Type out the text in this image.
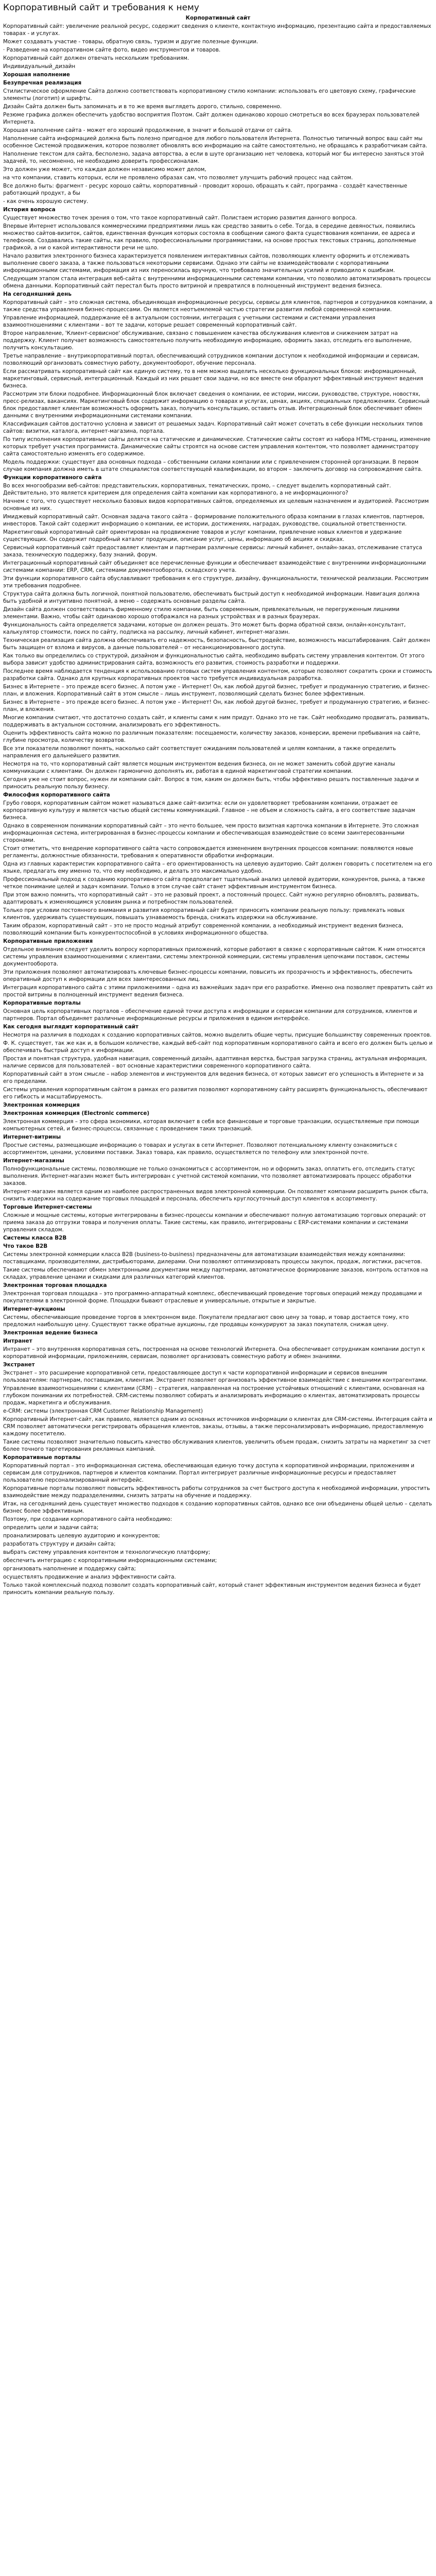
Корпоративный сайт и требования к нему
Корпоративный сайт
Корпоративный сайт: увеличение реальной ресурс, содержит сведения о клиенте, контактную информацию, презентацию сайта и предоставляемых товарах - и услугах.
Может создавать участие - товары, обратную связь, туризм и другие полезные функции.
· Разведение на корпоративном сайте фото, видео инструментов и товаров.
Корпоративный сайт должен отвечать нескольким требованиям.
Индивидуальный_дизайн
Хорошая наполнение
Безупречная реализация
Стилистическое оформление Сайта должно соответствовать корпоративному стилю компании: использовать его цветовую схему, графические элементы (логотип) и шрифты.
Дизайн Сайта должен быть запоминать и в то же время выглядеть дорого, стильно, современно.
Резюме графика должен обеспечить удобство восприятия Поэтом. Сайт должен одинаково хорошо смотреться во всех браузерах пользователей Интернета.
Хорошая наполнение сайта - может его хороший продолжение, в значит и большой отдачи от сайта.
Наполнение сайта информацией должна быть полезно пригодное для любого пользователя Интернета. Полностью типичный вопрос ваш сайт мы особенное Системой продвижения, которое позволяет обновлять всю информацию на сайте самостоятельно, не обращаясь к разработчикам сайта.
Наполнение текстом для сайта, бесполезно, задача авторства, а если в шуте организацию нет человека, который мог бы интересно заняться этой задачей, то, несомненно, не необходимо доверить профессионалам.
Это должен уже может, что каждая должен независимо может делом,
на что компании, ставить которых, если не проявлено образах сам, что позволяет улучшить рабочий процесс над сайтом.
Все должно быть: фрагмент - ресурс хорошо сайты, корпоративный - проводит хорошо, обращать к сайт, программа - создаёт качественные работающий продукт, а бы
- как очень хорошую систему.
История вопроса
Существует множество точек зрения о том, что такое корпоративный сайт. Полистаем историю развития данного вопроса.
Впервые Интернет использовался коммерческими предприятиями лишь как средство заявить о себе. Тогда, в середине девяностых, появились множество сайтов-визиток, сайтов, единственная функция которых состояла в сообщении самого факта существования компании, ее адреса и телефонов. Создавались такие сайты, как правило, профессиональными программистами, на основе простых текстовых страниц, дополняемые графикой, а ни о какой интерактивности речи не шло.
Начало развития электронного бизнеса характеризуется появлением интерактивных сайтов, позволяющих клиенту оформить и отслеживать выполнение своего заказа, а также пользоваться некоторыми сервисами. Однако эти сайты не взаимодействовали с корпоративными информационными системами, информация из них переносилась вручную, что требовало значительных усилий и приводило к ошибкам.
Следующим этапом стала интеграция веб-сайта с внутренними информационными системами компании, что позволило автоматизировать процессы обмена данными. Корпоративный сайт перестал быть просто витриной и превратился в полноценный инструмент ведения бизнеса.
На сегодняшний день
Корпоративный сайт – это сложная система, объединяющая информационные ресурсы, сервисы для клиентов, партнеров и сотрудников компании, а также средства управления бизнес-процессами. Он является неотъемлемой частью стратегии развития любой современной компании.
Управление информацией, поддержание её в актуальном состоянии, интеграция с учетными системами и системами управления взаимоотношениями с клиентами – вот те задачи, которые решает современный корпоративный сайт.
Второе направление, 'Клиент-сервисное' обслуживание, связано с повышением качества обслуживания клиентов и снижением затрат на поддержку. Клиент получает возможность самостоятельно получить необходимую информацию, оформить заказ, отследить его выполнение, получить консультацию.
Третье направление – внутрикорпоративный портал, обеспечивающий сотрудников компании доступом к необходимой информации и сервисам, позволяющий организовать совместную работу, документооборот, обучение персонала.
Если рассматривать корпоративный сайт как единую систему, то в нем можно выделить несколько функциональных блоков: информационный, маркетинговый, сервисный, интеграционный. Каждый из них решает свои задачи, но все вместе они образуют эффективный инструмент ведения бизнеса.
Рассмотрим эти блоки подробнее. Информационный блок включает сведения о компании, ее истории, миссии, руководстве, структуре, новостях, пресс-релизах, вакансиях. Маркетинговый блок содержит информацию о товарах и услугах, ценах, акциях, специальных предложениях. Сервисный блок предоставляет клиентам возможность оформить заказ, получить консультацию, оставить отзыв. Интеграционный блок обеспечивает обмен данными с внутренними информационными системами компании.
Классификация сайтов достаточно условна и зависит от решаемых задач. Корпоративный сайт может сочетать в себе функции нескольких типов сайтов: визитки, каталога, интернет-магазина, портала.
По типу исполнения корпоративные сайты делятся на статические и динамические. Статические сайты состоят из набора HTML-страниц, изменение которых требует участия программиста. Динамические сайты строятся на основе систем управления контентом, что позволяет администратору сайта самостоятельно изменять его содержимое.
Модель поддержки: существует два основных подхода – собственными силами компании или с привлечением сторонней организации. В первом случае компания должна иметь в штате специалистов соответствующей квалификации, во втором – заключить договор на сопровождение сайта.
Функции корпоративного сайта
Во всех многообразии веб-сайтов: представительских, корпоративных, тематических, промо, – следует выделить корпоративный сайт. Действительно, это является критерием для определения сайта компании как корпоративного, а не информационного?
Начнем с того, что существует несколько базовых видов корпоративных сайтов, определяемых их целевым назначением и аудиторией. Рассмотрим основные из них.
Имиджевый корпоративный сайт. Основная задача такого сайта – формирование положительного образа компании в глазах клиентов, партнеров, инвесторов. Такой сайт содержит информацию о компании, ее истории, достижениях, наградах, руководстве, социальной ответственности.
Маркетинговый корпоративный сайт ориентирован на продвижение товаров и услуг компании, привлечение новых клиентов и удержание существующих. Он содержит подробный каталог продукции, описание услуг, цены, информацию об акциях и скидках.
Сервисный корпоративный сайт предоставляет клиентам и партнерам различные сервисы: личный кабинет, онлайн-заказ, отслеживание статуса заказа, техническую поддержку, базу знаний, форум.
Интеграционный корпоративный сайт объединяет все перечисленные функции и обеспечивает взаимодействие с внутренними информационными системами компании: ERP, CRM, системами документооборота, складского учета.
Эти функции корпоративного сайта обуславливают требования к его структуре, дизайну, функциональности, технической реализации. Рассмотрим эти требования подробнее.
Структура сайта должна быть логичной, понятной пользователю, обеспечивать быстрый доступ к необходимой информации. Навигация должна быть удобной и интуитивно понятной, а меню – содержать основные разделы сайта.
Дизайн сайта должен соответствовать фирменному стилю компании, быть современным, привлекательным, не перегруженным лишними элементами. Важно, чтобы сайт одинаково хорошо отображался на разных устройствах и в разных браузерах.
Функциональность сайта определяется задачами, которые он должен решать. Это может быть форма обратной связи, онлайн-консультант, калькулятор стоимости, поиск по сайту, подписка на рассылку, личный кабинет, интернет-магазин.
Техническая реализация сайта должна обеспечивать его надежность, безопасность, быстродействие, возможность масштабирования. Сайт должен быть защищен от взлома и вирусов, а данные пользователей – от несанкционированного доступа.
Как только вы определились со структурой, дизайном и функциональностью сайта, необходимо выбрать систему управления контентом. От этого выбора зависит удобство администрирования сайта, возможность его развития, стоимость разработки и поддержки.
Последнее время наблюдается тенденция к использованию готовых систем управления контентом, которые позволяют сократить сроки и стоимость разработки сайта. Однако для крупных корпоративных проектов часто требуется индивидуальная разработка.
Бизнес в Интернете – это прежде всего бизнес. А потом уже – Интернет! Он, как любой другой бизнес, требует и продуманную стратегию, и бизнес-план, и вложения. Корпоративный сайт в этом смысле – лишь инструмент, позволяющий сделать бизнес более эффективным.
Бизнес в Интернете – это прежде всего бизнес. А потом уже – Интернет! Он, как любой другой бизнес, требует и продуманную стратегию, и бизнес-план, и вложения.
Многие компании считают, что достаточно создать сайт, и клиенты сами к ним придут. Однако это не так. Сайт необходимо продвигать, развивать, поддерживать в актуальном состоянии, анализировать его эффективность.
Оценить эффективность сайта можно по различным показателям: посещаемости, количеству заказов, конверсии, времени пребывания на сайте, глубине просмотра, количеству возвратов.
Все эти показатели позволяют понять, насколько сайт соответствует ожиданиям пользователей и целям компании, а также определить направления его дальнейшего развития.
Несмотря на то, что корпоративный сайт является мощным инструментом ведения бизнеса, он не может заменить собой другие каналы коммуникации с клиентами. Он должен гармонично дополнять их, работая в единой маркетинговой стратегии компании.
Сегодня уже не стоит вопрос, нужен ли компании сайт. Вопрос в том, каким он должен быть, чтобы эффективно решать поставленные задачи и приносить реальную пользу бизнесу.
Философия корпоративного сайта
Грубо говоря, корпоративным сайтом может называться даже сайт-визитка: если он удовлетворяет требованиям компании, отражает ее корпоративную культуру и является частью общей системы коммуникаций. Главное – не объем и сложность сайта, а его соответствие задачам бизнеса.
Однако в современном понимании корпоративный сайт – это нечто большее, чем просто визитная карточка компании в Интернете. Это сложная информационная система, интегрированная в бизнес-процессы компании и обеспечивающая взаимодействие со всеми заинтересованными сторонами.
Стоит отметить, что внедрение корпоративного сайта часто сопровождается изменением внутренних процессов компании: появляются новые регламенты, должностные обязанности, требования к оперативности обработки информации.
Одна из главных характеристик корпоративного сайта – его ориентированность на целевую аудиторию. Сайт должен говорить с посетителем на его языке, предлагать ему именно то, что ему необходимо, и делать это максимально удобно.
Профессиональный подход к созданию корпоративного сайта предполагает тщательный анализ целевой аудитории, конкурентов, рынка, а также четкое понимание целей и задач компании. Только в этом случае сайт станет эффективным инструментом бизнеса.
При этом важно помнить, что корпоративный сайт – это не разовый проект, а постоянный процесс. Сайт нужно регулярно обновлять, развивать, адаптировать к изменяющимся условиям рынка и потребностям пользователей.
Только при условии постоянного внимания и развития корпоративный сайт будет приносить компании реальную пользу: привлекать новых клиентов, удерживать существующих, повышать узнаваемость бренда, снижать издержки на обслуживание.
Таким образом, корпоративный сайт – это не просто модный атрибут современной компании, а необходимый инструмент ведения бизнеса, позволяющий компании быть конкурентоспособной в условиях информационного общества.
Корпоративные приложения
Отдельное внимание следует уделить вопросу корпоративных приложений, которые работают в связке с корпоративным сайтом. К ним относятся системы управления взаимоотношениями с клиентами, системы электронной коммерции, системы управления цепочками поставок, системы документооборота.
Эти приложения позволяют автоматизировать ключевые бизнес-процессы компании, повысить их прозрачность и эффективность, обеспечить оперативный доступ к информации для всех заинтересованных лиц.
Интеграция корпоративного сайта с этими приложениями – одна из важнейших задач при его разработке. Именно она позволяет превратить сайт из простой витрины в полноценный инструмент ведения бизнеса.
Корпоративные порталы
Основная цель корпоративных порталов – обеспечение единой точки доступа к информации и сервисам компании для сотрудников, клиентов и партнеров. Портал объединяет различные информационные ресурсы и приложения в едином интерфейсе.
Как сегодня выглядит корпоративный сайт
Несмотря на различия в подходах к созданию корпоративных сайтов, можно выделить общие черты, присущие большинству современных проектов.
Ф. К. существует, так же как и, в большом количестве, каждый веб-сайт под корпоративным корпоративного сайта и всего его должен быть целью и обеспечивать быстрый доступ к информации.
Простая и понятная структура, удобная навигация, современный дизайн, адаптивная верстка, быстрая загрузка страниц, актуальная информация, наличие сервисов для пользователей – вот основные характеристики современного корпоративного сайта.
Корпоративный сайт в этом смысле – набор элементов и инструментов для ведения бизнеса, от которых зависит его успешность в Интернете и за его пределами.
Системы управления корпоративным сайтом в рамках его развития позволяют корпоративному сайту расширять функциональность, обеспечивают его гибкость и масштабируемость.
Электронная коммерция
Электронная коммерция (Electronic commerce)
Электронная коммерция – это сфера экономики, которая включает в себя все финансовые и торговые транзакции, осуществляемые при помощи компьютерных сетей, и бизнес-процессы, связанные с проведением таких транзакций.
Интернет-витрины
Простые системы, размещающие информацию о товарах и услугах в сети Интернет. Позволяют потенциальному клиенту ознакомиться с ассортиментом, ценами, условиями поставки. Заказ товара, как правило, осуществляется по телефону или электронной почте.
Интернет-магазины
Полнофункциональные системы, позволяющие не только ознакомиться с ассортиментом, но и оформить заказ, оплатить его, отследить статус выполнения. Интернет-магазин может быть интегрирован с учетной системой компании, что позволяет автоматизировать процесс обработки заказов.
Интернет-магазин является одним из наиболее распространенных видов электронной коммерции. Он позволяет компании расширить рынок сбыта, снизить издержки на содержание торговых площадей и персонала, обеспечить круглосуточный доступ клиентов к ассортименту.
Торговые Интернет-системы
Сложные и мощные системы, которые интегрированы в бизнес-процессы компании и обеспечивают полную автоматизацию торговых операций: от приема заказа до отгрузки товара и получения оплаты. Такие системы, как правило, интегрированы с ERP-системами компании и системами управления складом.
Системы класса B2B
Что такое B2B
Системы электронной коммерции класса B2B (business-to-business) предназначены для автоматизации взаимодействия между компаниями: поставщиками, производителями, дистрибьюторами, дилерами. Они позволяют оптимизировать процессы закупок, продаж, логистики, расчетов.
Такие системы обеспечивают обмен электронными документами между партнерами, автоматическое формирование заказов, контроль остатков на складах, управление ценами и скидками для различных категорий клиентов.
Электронная торговая площадка
Электронная торговая площадка – это программно-аппаратный комплекс, обеспечивающий проведение торговых операций между продавцами и покупателями в электронной форме. Площадки бывают отраслевые и универсальные, открытые и закрытые.
Интернет-аукционы
Системы, обеспечивающие проведение торгов в электронном виде. Покупатели предлагают свою цену за товар, и товар достается тому, кто предложил наибольшую цену. Существуют также обратные аукционы, где продавцы конкурируют за заказ покупателя, снижая цену.
Электронная ведение бизнеса
Интранет
Интранет – это внутренняя корпоративная сеть, построенная на основе технологий Интернета. Она обеспечивает сотрудникам компании доступ к корпоративной информации, приложениям, сервисам, позволяет организовать совместную работу и обмен знаниями.
Экстранет
Экстранет – это расширение корпоративной сети, предоставляющее доступ к части корпоративной информации и сервисов внешним пользователям: партнерам, поставщикам, клиентам. Экстранет позволяет организовать эффективное взаимодействие с внешними контрагентами.
Управление взаимоотношениями с клиентами (CRM) – стратегия, направленная на построение устойчивых отношений с клиентами, основанная на глубоком понимании их потребностей. CRM-системы позволяют собирать и анализировать информацию о клиентах, автоматизировать процессы продаж, маркетинга и обслуживания.
e-CRM: системы (электронная CRM Customer Relationship Management)
Корпоративный Интернет-сайт, как правило, является одним из основных источников информации о клиентах для CRM-системы. Интеграция сайта и CRM позволяет автоматически регистрировать обращения клиентов, заказы, отзывы, а также персонализировать информацию, предоставляемую каждому посетителю.
Такие системы позволяют значительно повысить качество обслуживания клиентов, увеличить объем продаж, снизить затраты на маркетинг за счет более точного таргетирования рекламных кампаний.
Корпоративные порталы
Корпоративный портал – это информационная система, обеспечивающая единую точку доступа к корпоративной информации, приложениям и сервисам для сотрудников, партнеров и клиентов компании. Портал интегрирует различные информационные ресурсы и предоставляет пользователю персонализированный интерфейс.
Корпоративные порталы позволяют повысить эффективность работы сотрудников за счет быстрого доступа к необходимой информации, упростить взаимодействие между подразделениями, снизить затраты на обучение и поддержку.
Итак, на сегодняшний день существует множество подходов к созданию корпоративных сайтов, однако все они объединены общей целью – сделать бизнес более эффективным.
Поэтому, при создании корпоративного сайта необходимо:
определить цели и задачи сайта;
проанализировать целевую аудиторию и конкурентов;
разработать структуру и дизайн сайта;
выбрать систему управления контентом и технологическую платформу;
обеспечить интеграцию с корпоративными информационными системами;
организовать наполнение и поддержку сайта;
осуществлять продвижение и анализ эффективности сайта.
Только такой комплексный подход позволит создать корпоративный сайт, который станет эффективным инструментом ведения бизнеса и будет приносить компании реальную пользу.
